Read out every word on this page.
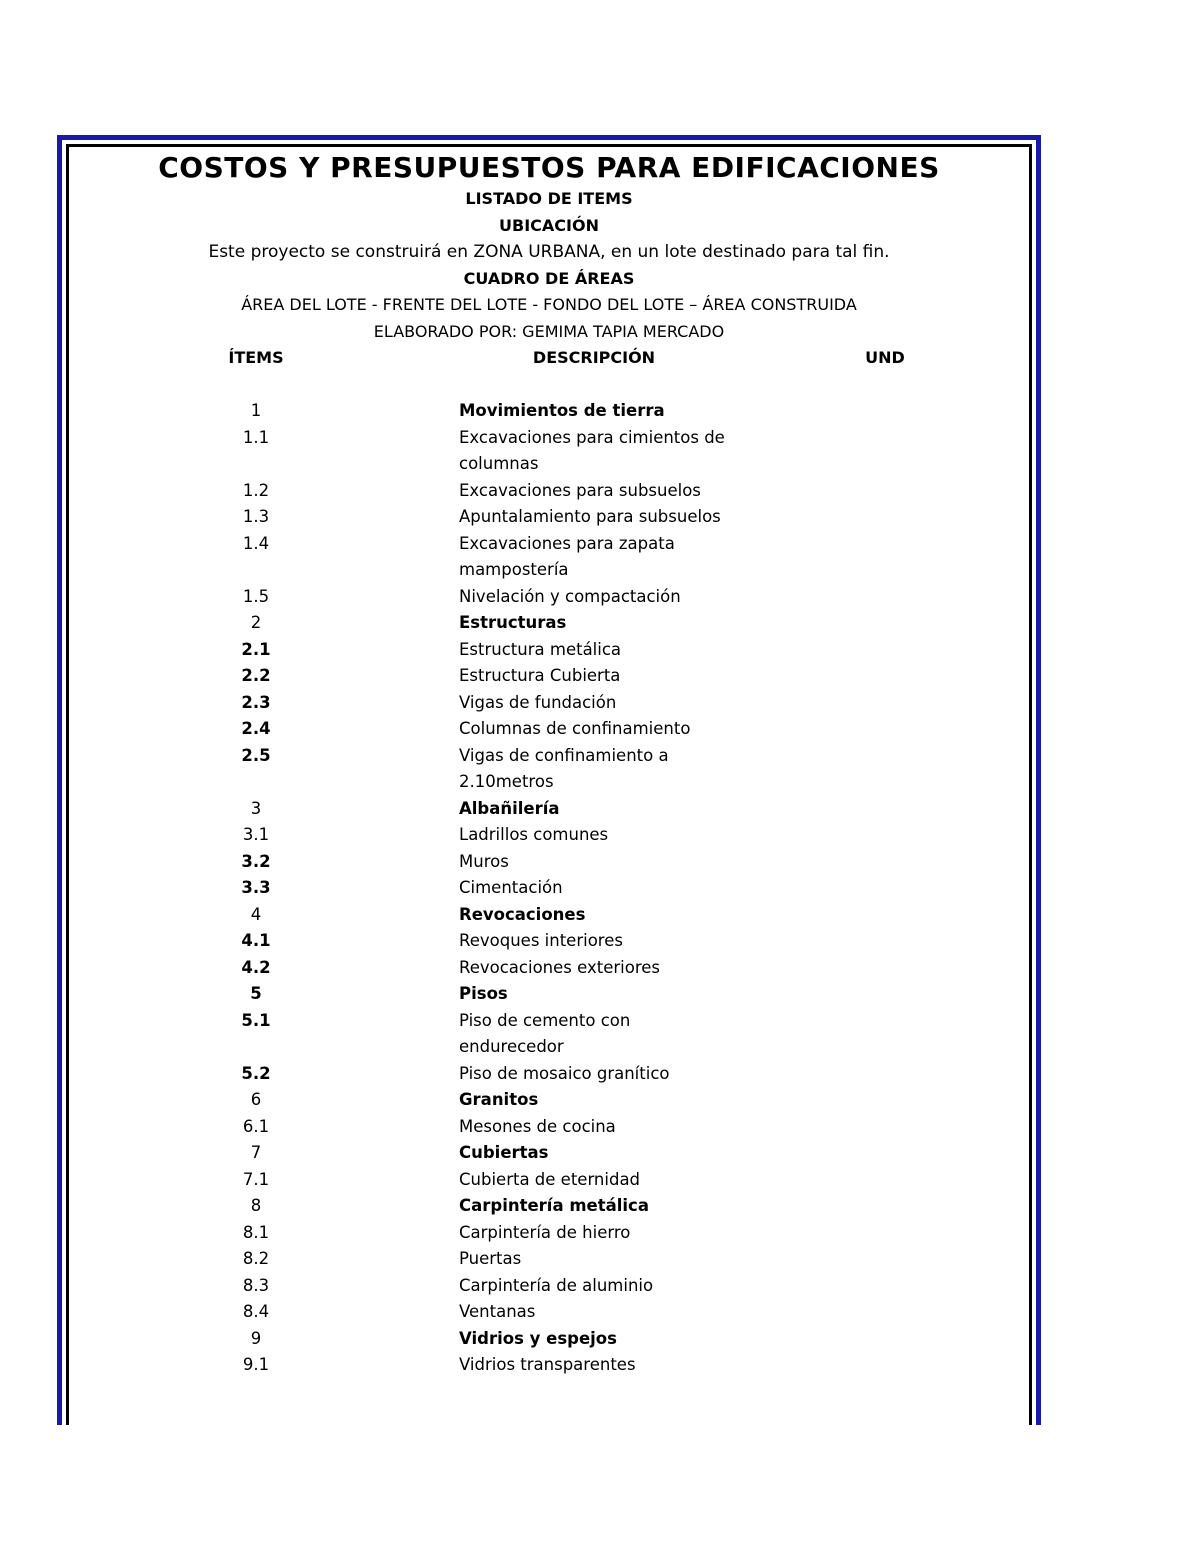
COSTOS Y PRESUPUESTOS PARA EDIFICACIONES
LISTADO DE ITEMS
UBICACIÓN
Este proyecto se construirá en ZONA URBANA, en un lote destinado para tal fin.
CUADRO DE ÁREAS
ÁREA DEL LOTE - FRENTE DEL LOTE - FONDO DEL LOTE – ÁREA CONSTRUIDA
ELABORADO POR: GEMIMA TAPIA MERCADO
ÍTEMS	DESCRIPCIÓN	UND
1	Movimientos de tierra
1.1	Excavaciones para cimientos de columnas
1.2	Excavaciones para subsuelos
1.3	Apuntalamiento para subsuelos
1.4	Excavaciones para zapata mampostería
1.5	Nivelación y compactación
2	Estructuras
2.1	Estructura metálica
2.2	Estructura Cubierta
2.3	Vigas de fundación
2.4	Columnas de confinamiento
2.5	Vigas de confinamiento a 2.10metros
3	Albañilería
3.1	Ladrillos comunes
3.2	Muros
3.3	Cimentación
4	Revocaciones
4.1	Revoques interiores
4.2	Revocaciones exteriores
5	Pisos
5.1	Piso de cemento con endurecedor
5.2	Piso de mosaico granítico
6	Granitos
6.1	Mesones de cocina
7	Cubiertas
7.1	Cubierta de eternidad
8	Carpintería metálica
8.1	Carpintería de hierro
8.2	Puertas
8.3	Carpintería de aluminio
8.4	Ventanas
9	Vidrios y espejos
9.1	Vidrios transparentes
